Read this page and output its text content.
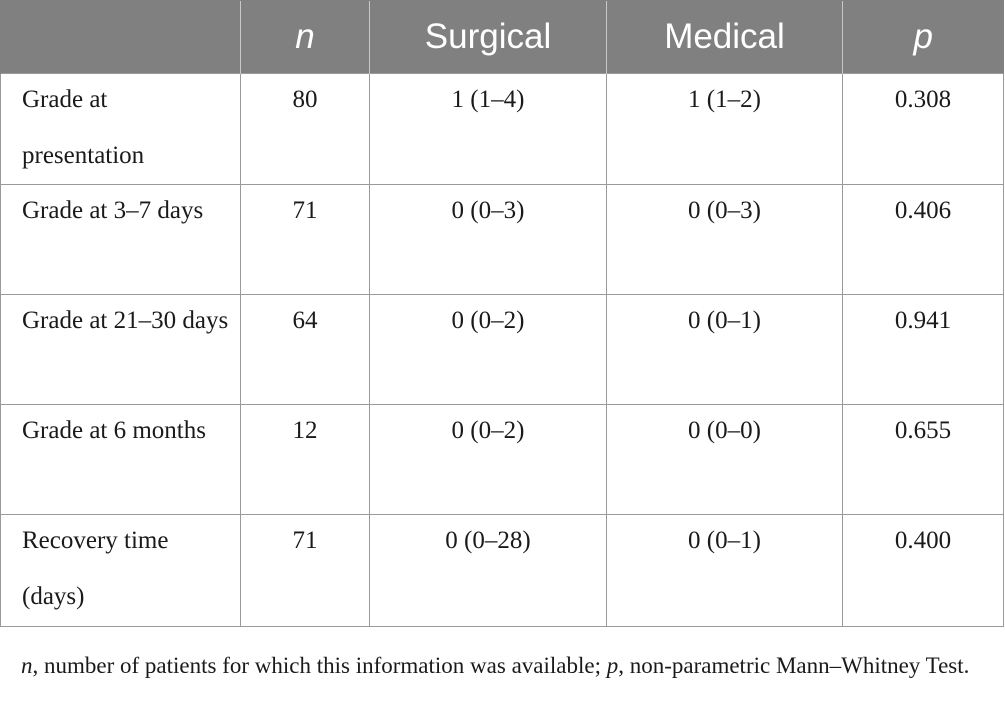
	n	Surgical	Medical	p

Grade at presentation	80	1 (1–4)	1 (1–2)	0.308

Grade at 3–7 days	71	0 (0–3)	0 (0–3)	0.406

Grade at 21–30 days	64	0 (0–2)	0 (0–1)	0.941

Grade at 6 months	12	0 (0–2)	0 (0–0)	0.655

Recovery time (days)	71	0 (0–28)	0 (0–1)	0.400

n, number of patients for which this information was available; p, non-parametric Mann–Whitney Test.
